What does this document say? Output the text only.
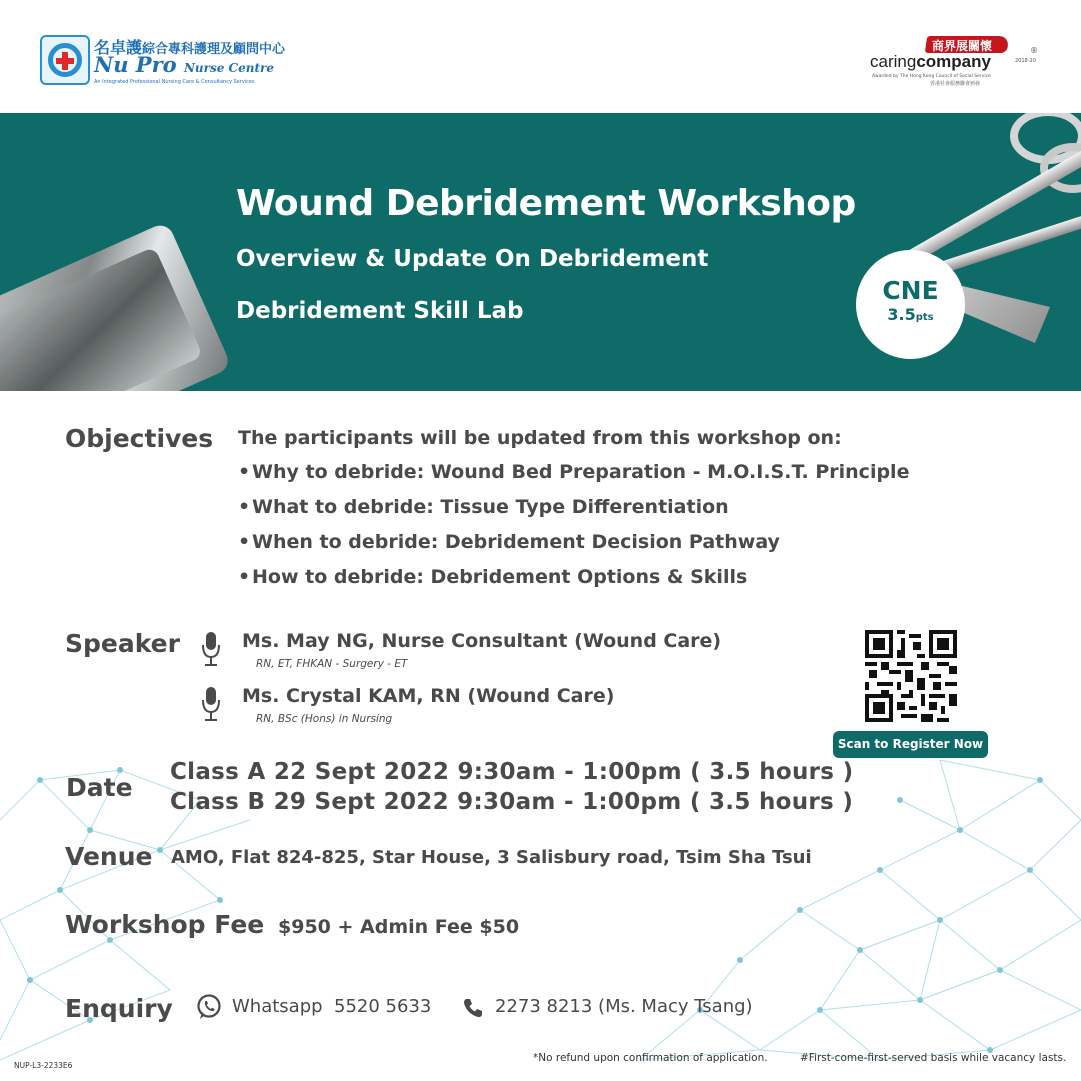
名卓護綜合專科護理及顧問中心
Nu Pro Nurse Centre
An Integrated Professional Nursing Care & Consultancy Services
商界展關懷
caringcompany	2018-20
®
Awarded by The Hong Kong Council of Social Service
香港社會服務聯會頒發
Wound Debridement Workshop
Overview & Update On Debridement
Debridement Skill Lab
CNE
3.5pts
Objectives The participants will be updated from this workshop on:
•Why to debride: Wound Bed Preparation - M.O.I.S.T. Principle
•What to debride: Tissue Type Differentiation
•When to debride: Debridement Decision Pathway
•How to debride: Debridement Options & Skills
Speaker	Ms. May NG, Nurse Consultant (Wound Care)
RN, ET, FHKAN - Surgery - ET
Ms. Crystal KAM, RN (Wound Care)
RN, BSc (Hons) in Nursing
Scan to Register Now
Date
Class A 22 Sept 2022 9:30am - 1:00pm ( 3.5 hours )
Class B 29 Sept 2022 9:30am - 1:00pm ( 3.5 hours )
Venue AMO, Flat 824-825, Star House, 3 Salisbury road, Tsim Sha Tsui
Workshop Fee $950 + Admin Fee $50
Enquiry	Whatsapp 5520 5633	2273 8213 (Ms. Macy Tsang)
NUP-L3-2233E6
*No refund upon confirmation of application.	#First-come-first-served basis while vacancy lasts.
